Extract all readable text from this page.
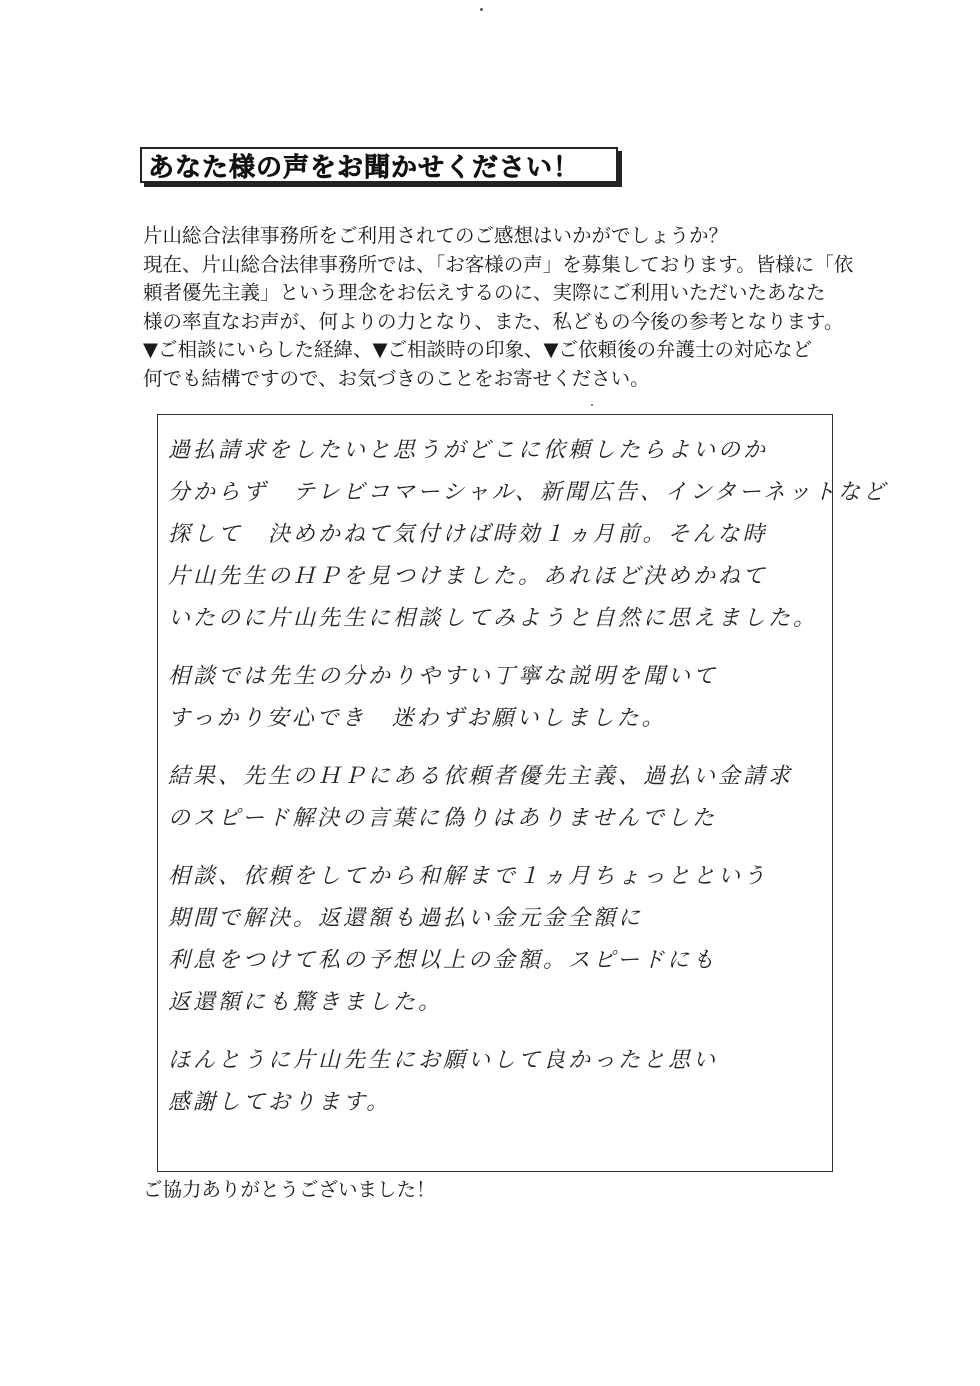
あなた様の声をお聞かせください！
片山総合法律事務所をご利用されてのご感想はいかがでしょうか？
現在、片山総合法律事務所では、「お客様の声」を募集しております。皆様に「依
頼者優先主義」という理念をお伝えするのに、実際にご利用いただいたあなた
様の率直なお声が、何よりの力となり、また、私どもの今後の参考となります。
▼ご相談にいらした経緯、▼ご相談時の印象、▼ご依頼後の弁護士の対応など
何でも結構ですので、お気づきのことをお寄せください。
過払請求をしたいと思うがどこに依頼したらよいのか
分からず　テレビコマーシャル、新聞広告、インターネットなど
探して　決めかねて気付けば時効１ヵ月前。そんな時
片山先生のＨＰを見つけました。あれほど決めかねて
いたのに片山先生に相談してみようと自然に思えました。
相談では先生の分かりやすい丁寧な説明を聞いて
すっかり安心でき　迷わずお願いしました。
結果、先生のＨＰにある依頼者優先主義、過払い金請求
のスピード解決の言葉に偽りはありませんでした
相談、依頼をしてから和解まで１ヵ月ちょっとという
期間で解決。返還額も過払い金元金全額に
利息をつけて私の予想以上の金額。スピードにも
返還額にも驚きました。
ほんとうに片山先生にお願いして良かったと思い
感謝しております。
ご協力ありがとうございました！
